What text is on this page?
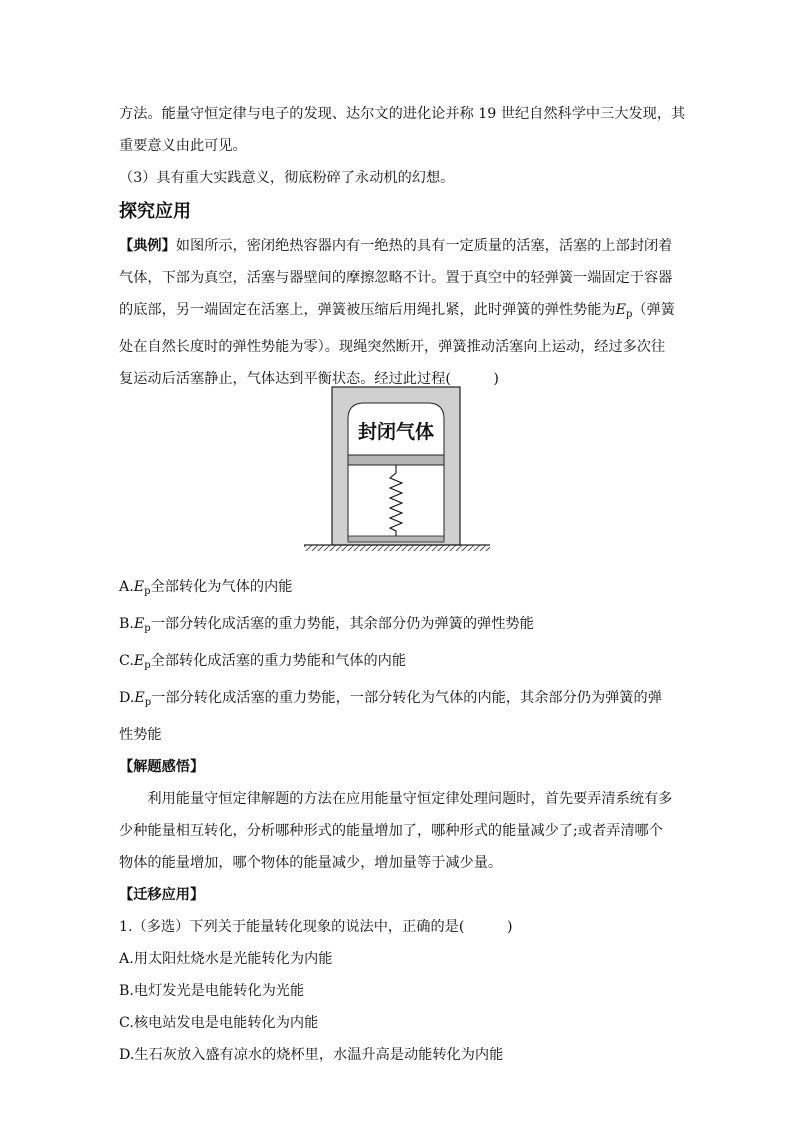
方法。能量守恒定律与电子的发现、达尔文的进化论并称 19 世纪自然科学中三大发现，其

重要意义由此可见。

（3）具有重大实践意义，彻底粉碎了永动机的幻想。

探究应用

【典例】如图所示，密闭绝热容器内有一绝热的具有一定质量的活塞，活塞的上部封闭着气体，下部为真空，活塞与器壁间的摩擦忽略不计。置于真空中的轻弹簧一端固定于容器的底部，另一端固定在活塞上，弹簧被压缩后用绳扎紧，此时弹簧的弹性势能为$E_p$（弹簧处在自然长度时的弹性势能为零）。现绳突然断开，弹簧推动活塞向上运动，经过多次往复运动后活塞静止，气体达到平衡状态。经过此过程(　　　)

$A.E_p$全部转化为气体的内能

$B.E_p$一部分转化成活塞的重力势能，其余部分仍为弹簧的弹性势能

$C.E_p$全部转化成活塞的重力势能和气体的内能

$D.E_p$一部分转化成活塞的重力势能，一部分转化为气体的内能，其余部分仍为弹簧的弹性势能

【解题感悟】

利用能量守恒定律解题的方法在应用能量守恒定律处理问题时，首先要弄清系统有多少种能量相互转化，分析哪种形式的能量增加了，哪种形式的能量减少了;或者弄清哪个物体的能量增加，哪个物体的能量减少，增加量等于减少量。

【迁移应用】

1.（多选）下列关于能量转化现象的说法中，正确的是(　　　)

A.用太阳灶烧水是光能转化为内能

B.电灯发光是电能转化为光能

C.核电站发电是电能转化为内能

D.生石灰放入盛有凉水的烧杯里，水温升高是动能转化为内能

封闭气体
